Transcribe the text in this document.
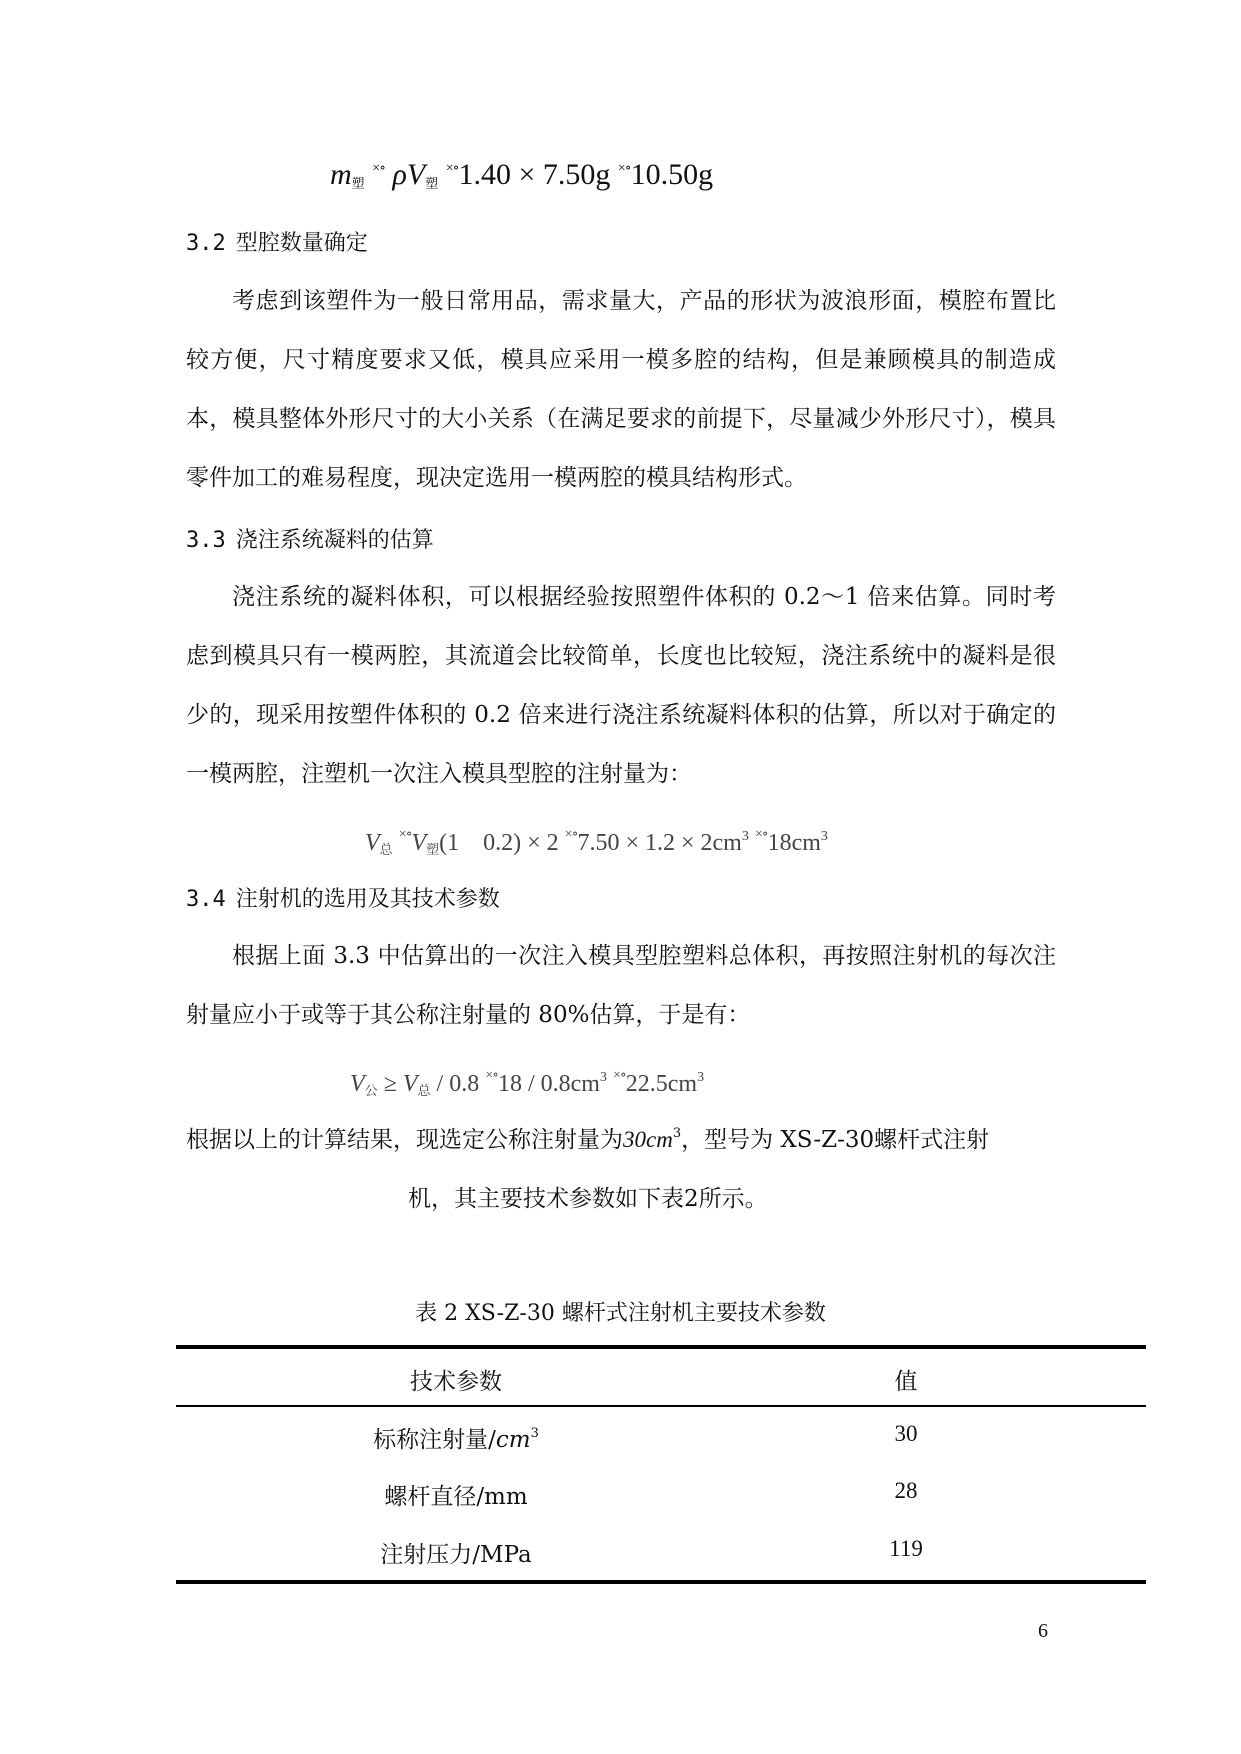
$m_塑$ ×∘ $\rho V_塑$ ×∘1.40 × 7.50g ×∘10.50g
3.2 型腔数量确定
考虑到该塑件为一般日常用品，需求量大，产品的形状为波浪形面，模腔布置比较方便，尺寸精度要求又低，模具应采用一模多腔的结构，但是兼顾模具的制造成本，模具整体外形尺寸的大小关系（在满足要求的前提下，尽量减少外形尺寸），模具零件加工的难易程度，现决定选用一模两腔的模具结构形式。
3.3 浇注系统凝料的估算
浇注系统的凝料体积，可以根据经验按照塑件体积的 0.2～1 倍来估算。同时考虑到模具只有一模两腔，其流道会比较简单，长度也比较短，浇注系统中的凝料是很少的，现采用按塑件体积的 0.2 倍来进行浇注系统凝料体积的估算，所以对于确定的一模两腔，注塑机一次注入模具型腔的注射量为：
$V_总$ $^{\times\circ}V_塑(1$　0.2) × 2 $^{\times\circ}7.50 \times 1.2 \times 2cm^3$ $^{\times\circ}18cm^3$
3.4 注射机的选用及其技术参数
根据上面 3.3 中估算出的一次注入模具型腔塑料总体积，再按照注射机的每次注射量应小于或等于其公称注射量的 80%估算，于是有：
$V_公 \ge V_总 / 0.8$ $^{\times\circ}18 / 0.8cm^3$ $^{\times\circ}22.5cm^3$
根据以上的计算结果，现选定公称注射量为$30cm^3$，型号为 XS-Z-30螺杆式注射
机，其主要技术参数如下表2所示。
表 2 XS-Z-30 螺杆式注射机主要技术参数
技术参数	值
标称注射量$/cm^3$	30
螺杆直径/mm	28
注射压力/MPa	119
6
